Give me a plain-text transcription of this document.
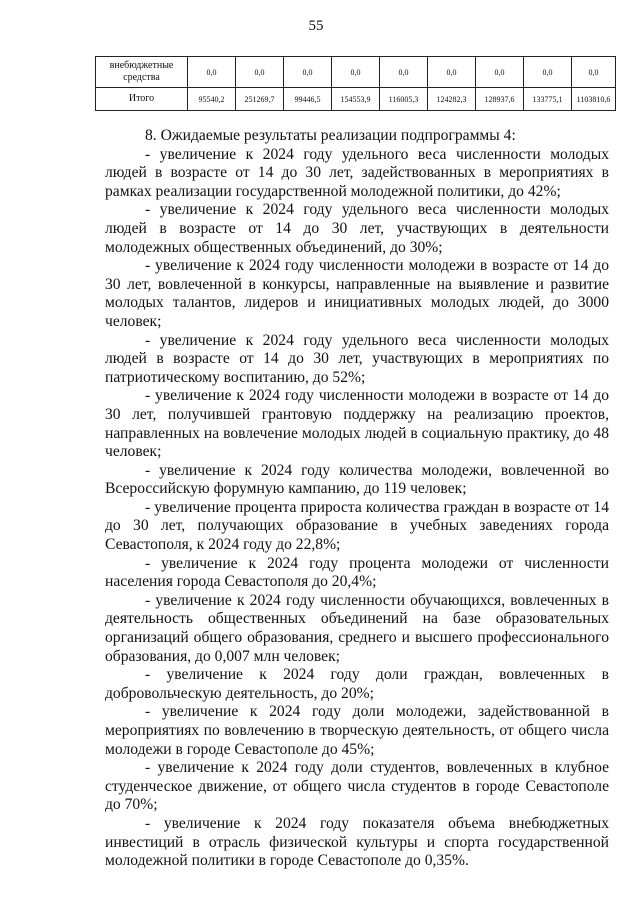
55
внебюджетные средства	0,0	0,0	0,0	0,0	0,0	0,0	0,0	0,0	0,0
Итого	95540,2	251269,7	99446,5	154553,9	116005,3	124282,3	128937,6	133775,1	1103810,6

8. Ожидаемые результаты реализации подпрограммы 4:

- увеличение к 2024 году удельного веса численности молодых людей в возрасте от 14 до 30 лет, задействованных в мероприятиях в рамках реализации государственной молодежной политики, до 42%;

- увеличение к 2024 году удельного веса численности молодых людей в возрасте от 14 до 30 лет, участвующих в деятельности молодежных общественных объединений, до 30%;

- увеличение к 2024 году численности молодежи в возрасте от 14 до 30 лет, вовлеченной в конкурсы, направленные на выявление и развитие молодых талантов, лидеров и инициативных молодых людей, до 3000 человек;

- увеличение к 2024 году удельного веса численности молодых людей в возрасте от 14 до 30 лет, участвующих в мероприятиях по патриотическому воспитанию, до 52%;

- увеличение к 2024 году численности молодежи в возрасте от 14 до 30 лет, получившей грантовую поддержку на реализацию проектов, направленных на вовлечение молодых людей в социальную практику, до 48 человек;

- увеличение к 2024 году количества молодежи, вовлеченной во Всероссийскую форумную кампанию, до 119 человек;

- увеличение процента прироста количества граждан в возрасте от 14 до 30 лет, получающих образование в учебных заведениях города Севастополя, к 2024 году до 22,8%;

- увеличение к 2024 году процента молодежи от численности населения города Севастополя до 20,4%;

- увеличение к 2024 году численности обучающихся, вовлеченных в деятельность общественных объединений на базе образовательных организаций общего образования, среднего и высшего профессионального образования, до 0,007 млн человек;

- увеличение к 2024 году доли граждан, вовлеченных в добровольческую деятельность, до 20%;

- увеличение к 2024 году доли молодежи, задействованной в мероприятиях по вовлечению в творческую деятельность, от общего числа молодежи в городе Севастополе до 45%;

- увеличение к 2024 году доли студентов, вовлеченных в клубное студенческое движение, от общего числа студентов в городе Севастополе до 70%;

- увеличение к 2024 году показателя объема внебюджетных инвестиций в отрасль физической культуры и спорта государственной молодежной политики в городе Севастополе до 0,35%.
